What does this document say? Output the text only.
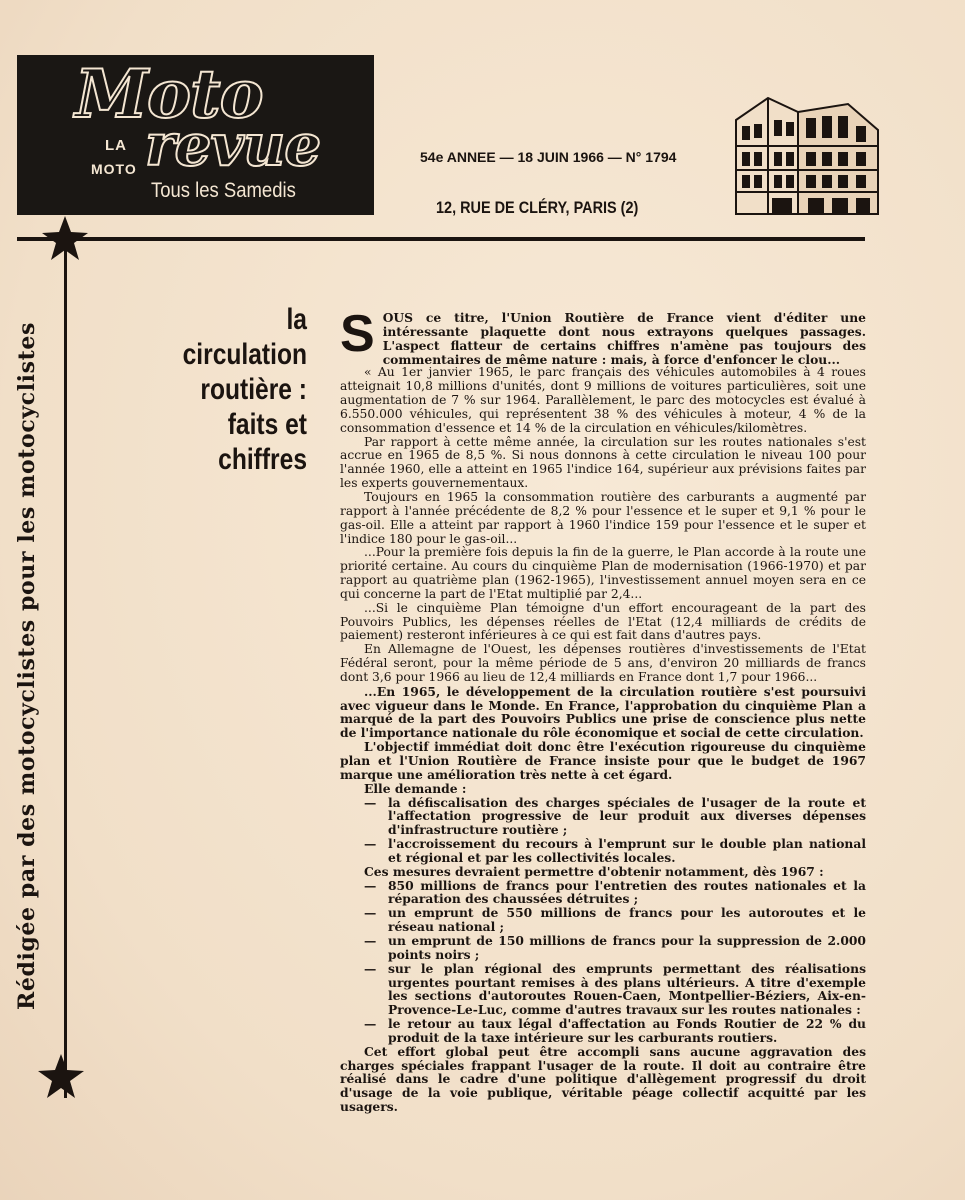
Moto
LA
MOTO revue
Tous les Samedis
54e ANNEE — 18 JUIN 1966 — N° 1794
12, RUE DE CLÉRY, PARIS (2)
Rédigée par des motocyclistes pour les motocyclistes
la circulation
routière :
faits et chiffres

SOUS ce titre, l'Union Routière de France vient d'éditer une intéressante plaquette dont nous extrayons quelques passages. L'aspect flatteur de certains chiffres n'amène pas toujours des commentaires de même nature : mais, à force d'enfoncer le clou...

« Au 1er janvier 1965, le parc français des véhicules automobiles à 4 roues atteignait 10,8 millions d'unités, dont 9 millions de voitures particulières, soit une augmentation de 7 % sur 1964. Parallèlement, le parc des motocycles est évalué à 6.550.000 véhicules, qui représentent 38 % des véhicules à moteur, 4 % de la consommation d'essence et 14 % de la circulation en véhicules/kilomètres.

Par rapport à cette même année, la circulation sur les routes nationales s'est accrue en 1965 de 8,5 %. Si nous donnons à cette circulation le niveau 100 pour l'année 1960, elle a atteint en 1965 l'indice 164, supérieur aux prévisions faites par les experts gouvernementaux.

Toujours en 1965 la consommation routière des carburants a augmenté par rapport à l'année précédente de 8,2 % pour l'essence et le super et 9,1 % pour le gas-oil. Elle a atteint par rapport à 1960 l'indice 159 pour l'essence et le super et l'indice 180 pour le gas-oil...

...Pour la première fois depuis la fin de la guerre, le Plan accorde à la route une priorité certaine. Au cours du cinquième Plan de modernisation (1966-1970) et par rapport au quatrième plan (1962-1965), l'investissement annuel moyen sera en ce qui concerne la part de l'Etat multiplié par 2,4...

...Si le cinquième Plan témoigne d'un effort encourageant de la part des Pouvoirs Publics, les dépenses réelles de l'Etat (12,4 milliards de crédits de paiement) resteront inférieures à ce qui est fait dans d'autres pays.

En Allemagne de l'Ouest, les dépenses routières d'investissements de l'Etat Fédéral seront, pour la même période de 5 ans, d'environ 20 milliards de francs dont 3,6 pour 1966 au lieu de 12,4 milliards en France dont 1,7 pour 1966...

...En 1965, le développement de la circulation routière s'est poursuivi avec vigueur dans le Monde. En France, l'approbation du cinquième Plan a marqué de la part des Pouvoirs Publics une prise de conscience plus nette de l'importance nationale du rôle économique et social de cette circulation.

L'objectif immédiat doit donc être l'exécution rigoureuse du cinquième plan et l'Union Routière de France insiste pour que le budget de 1967 marque une amélioration très nette à cet égard.

Elle demande :

— la défiscalisation des charges spéciales de l'usager de la route et l'affectation progressive de leur produit aux diverses dépenses d'infrastructure routière ;
— l'accroissement du recours à l'emprunt sur le double plan national et régional et par les collectivités locales.

Ces mesures devraient permettre d'obtenir notamment, dès 1967 :

— 850 millions de francs pour l'entretien des routes nationales et la réparation des chaussées détruites ;
— un emprunt de 550 millions de francs pour les autoroutes et le réseau national ;
— un emprunt de 150 millions de francs pour la suppression de 2.000 points noirs ;
— sur le plan régional des emprunts permettant des réalisations urgentes pourtant remises à des plans ultérieurs. A titre d'exemple les sections d'autoroutes Rouen-Caen, Montpellier-Béziers, Aix-en-Provence-Le-Luc, comme d'autres travaux sur les routes nationales :
— le retour au taux légal d'affectation au Fonds Routier de 22 % du produit de la taxe intérieure sur les carburants routiers.

Cet effort global peut être accompli sans aucune aggravation des charges spéciales frappant l'usager de la route. Il doit au contraire être réalisé dans le cadre d'une politique d'allègement progressif du droit d'usage de la voie publique, véritable péage collectif acquitté par les usagers.
